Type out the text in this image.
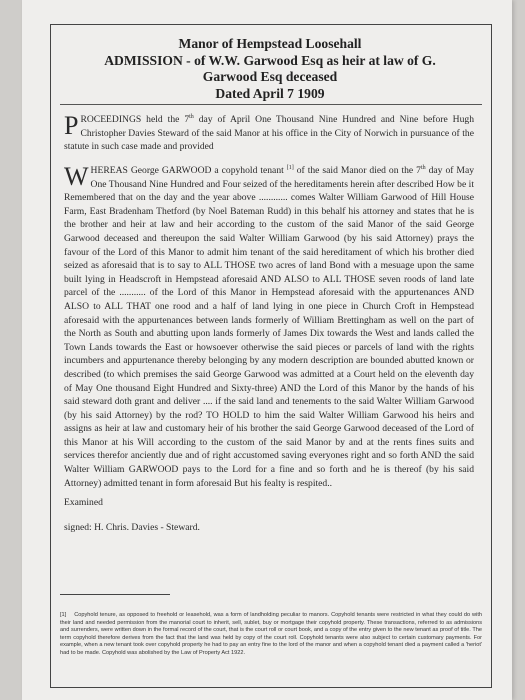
Manor of Hempstead Loosehall
ADMISSION - of W.W. Garwood Esq as heir at law of G.
Garwood Esq deceased
Dated April 7 1909
PROCEEDINGS held the 7th day of April One Thousand Nine Hundred and Nine before Hugh Christopher Davies Steward of the said Manor at his office in the City of Norwich in pursuance of the statute in such case made and provided
WHEREAS George GARWOOD a copyhold tenant [1] of the said Manor died on the 7th day of May One Thousand Nine Hundred and Four seized of the hereditaments herein after described How be it Remembered that on the day and the year above ............ comes Walter William Garwood of Hill House Farm, East Bradenham Thetford (by Noel Bateman Rudd) in this behalf his attorney and states that he is the brother and heir at law and heir according to the custom of the said Manor of the said George Garwood deceased and thereupon the said Walter William Garwood (by his said Attorney) prays the favour of the Lord of this Manor to admit him tenant of the said hereditament of which his brother died seized as aforesaid that is to say to ALL THOSE two acres of land Bond with a mesuage upon the same built lying in Headscroft in Hempstead aforesaid AND ALSO to ALL THOSE seven roods of land late parcel of the ........... of the Lord of this Manor in Hempstead aforesaid with the appurtenances AND ALSO to ALL THAT one rood and a half of land lying in one piece in Church Croft in Hempstead aforesaid with the appurtenances between lands formerly of William Brettingham as well on the part of the North as South and abutting upon lands formerly of James Dix towards the West and lands called the Town Lands towards the East or howsoever otherwise the said pieces or parcels of land with the rights incumbers and appurtenance thereby belonging by any modern description are bounded abutted known or described (to which premises the said George Garwood was admitted at a Court held on the eleventh day of May One thousand Eight Hundred and Sixty-three) AND the Lord of this Manor by the hands of his said steward doth grant and deliver .... if the said land and tenements to the said Walter William Garwood (by his said Attorney) by the rod? TO HOLD to him the said Walter William Garwood his heirs and assigns as heir at law and customary heir of his brother the said George Garwood deceased of the Lord of this Manor at his Will according to the custom of the said Manor by and at the rents fines suits and services therefor anciently due and of right accustomed saving everyones right and so forth AND the said Walter William GARWOOD pays to the Lord for a fine and so forth and he is thereof (by his said Attorney) admitted tenant in form aforesaid But his fealty is respited..
Examined
signed: H. Chris. Davies - Steward.
[1] Copyhold tenure, as opposed to freehold or leasehold, was a form of landholding peculiar to manors. Copyhold tenants were restricted in what they could do with their land and needed permission from the manorial court to inherit, sell, sublet, buy or mortgage their copyhold property. These transactions, referred to as admissions and surrenders, were written down in the formal record of the court, that is the court roll or court book, and a copy of the entry given to the new tenant as proof of title. The term copyhold therefore derives from the fact that the land was held by copy of the court roll. Copyhold tenants were also subject to certain customary payments. For example, when a new tenant took over copyhold property he had to pay an entry fine to the lord of the manor and when a copyhold tenant died a payment called a 'heriot' had to be made. Copyhold was abolished by the Law of Property Act 1922.
